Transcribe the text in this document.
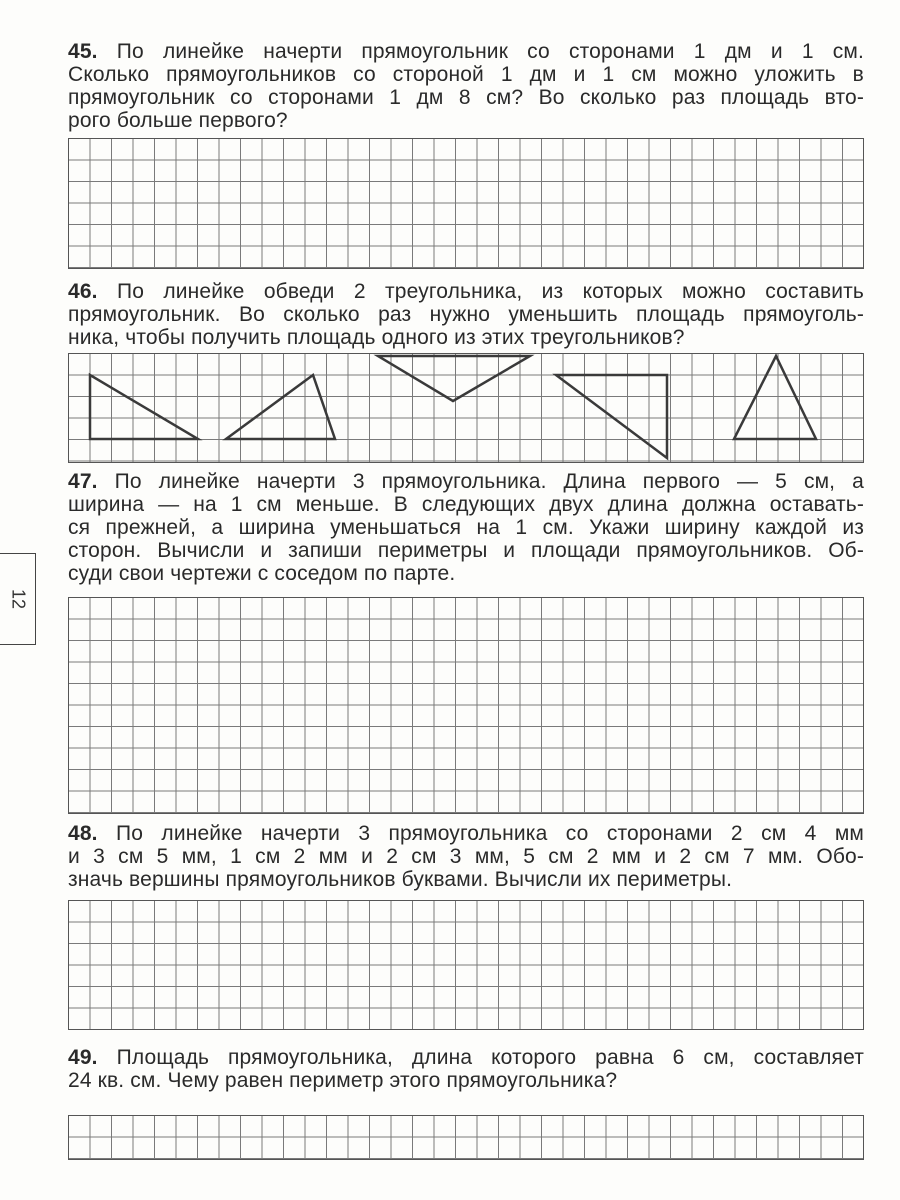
45. По линейке начерти прямоугольник со сторонами 1 дм и 1 см.
Сколько прямоугольников со стороной 1 дм и 1 см можно уложить в
прямоугольник со сторонами 1 дм 8 см? Во сколько раз площадь вто-
рого больше первого?
46. По линейке обведи 2 треугольника, из которых можно составить
прямоугольник. Во сколько раз нужно уменьшить площадь прямоуголь-
ника, чтобы получить площадь одного из этих треугольников?
47. По линейке начерти 3 прямоугольника. Длина первого — 5 см, а
ширина — на 1 см меньше. В следующих двух длина должна оставать-
ся прежней, а ширина уменьшаться на 1 см. Укажи ширину каждой из
сторон. Вычисли и запиши периметры и площади прямоугольников. Об-
суди свои чертежи с соседом по парте.
48. По линейке начерти 3 прямоугольника со сторонами 2 см 4 мм
и 3 см 5 мм, 1 см 2 мм и 2 см 3 мм, 5 см 2 мм и 2 см 7 мм. Обо-
значь вершины прямоугольников буквами. Вычисли их периметры.
49. Площадь прямоугольника, длина которого равна 6 см, составляет
24 кв. см. Чему равен периметр этого прямоугольника?
12
